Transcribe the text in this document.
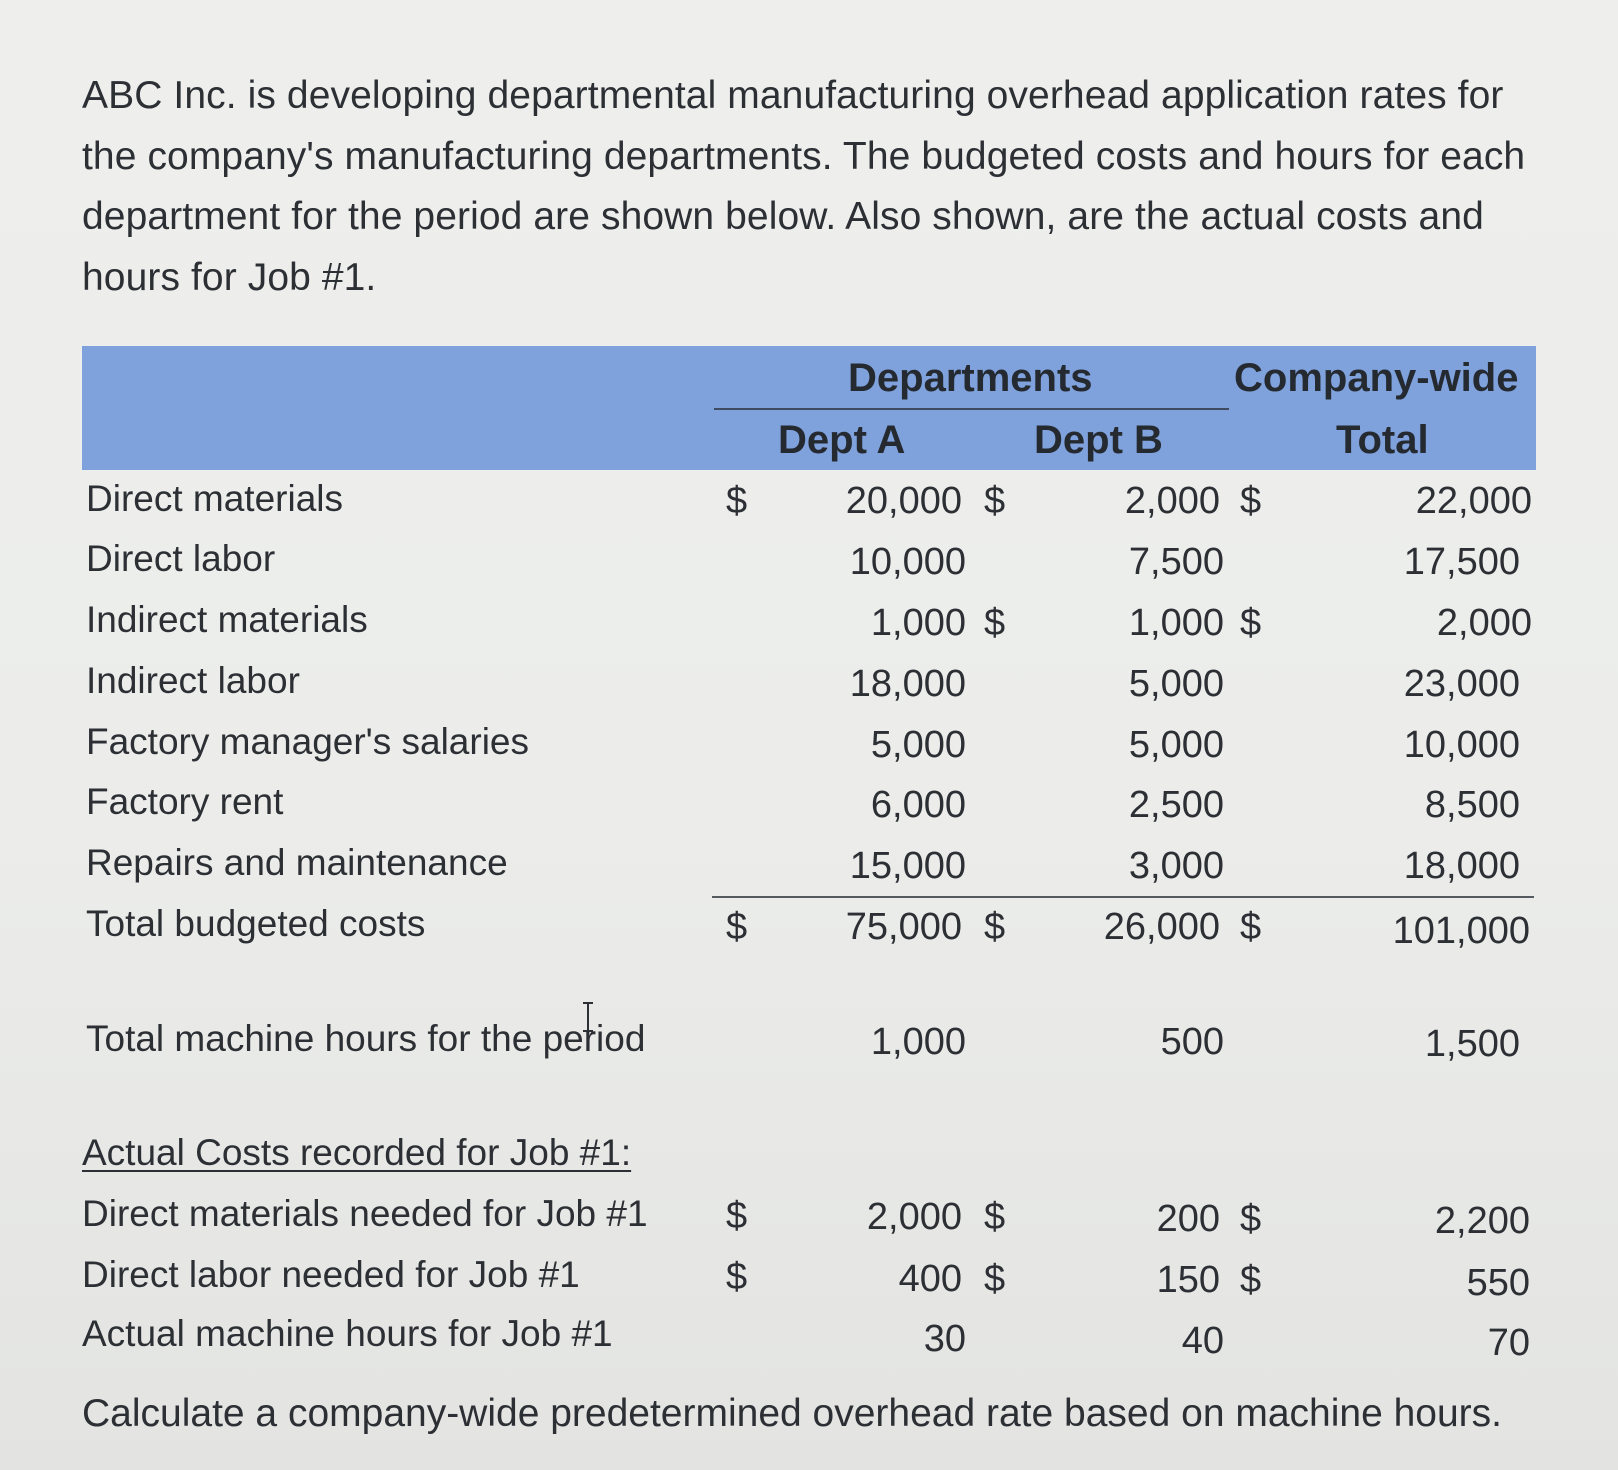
ABC Inc. is developing departmental manufacturing overhead application rates for
the company's manufacturing departments. The budgeted costs and hours for each
department for the period are shown below. Also shown, are the actual costs and
hours for Job #1.
Departments	Company-wide
Dept A	Dept B	Total
Direct materials	$	20,000 $	2,000 $	22,000
Direct labor	10,000	7,500	17,500
Indirect materials	1,000 $	1,000 $	2,000
Indirect labor	18,000	5,000	23,000
Factory manager's salaries	5,000	5,000	10,000
Factory rent	6,000	2,500	8,500
Repairs and maintenance	15,000	3,000	18,000
Total budgeted costs	$	75,000 $	26,000 $	101,000
Total machine hours for the period	1,000	500	1,500
Actual Costs recorded for Job #1:
Direct materials needed for Job #1 $	2,000 $	200 $	2,200
Direct labor needed for Job #1	$	400 $	150 $	550
Actual machine hours for Job #1	30	40	70
Calculate a company-wide predetermined overhead rate based on machine hours.
